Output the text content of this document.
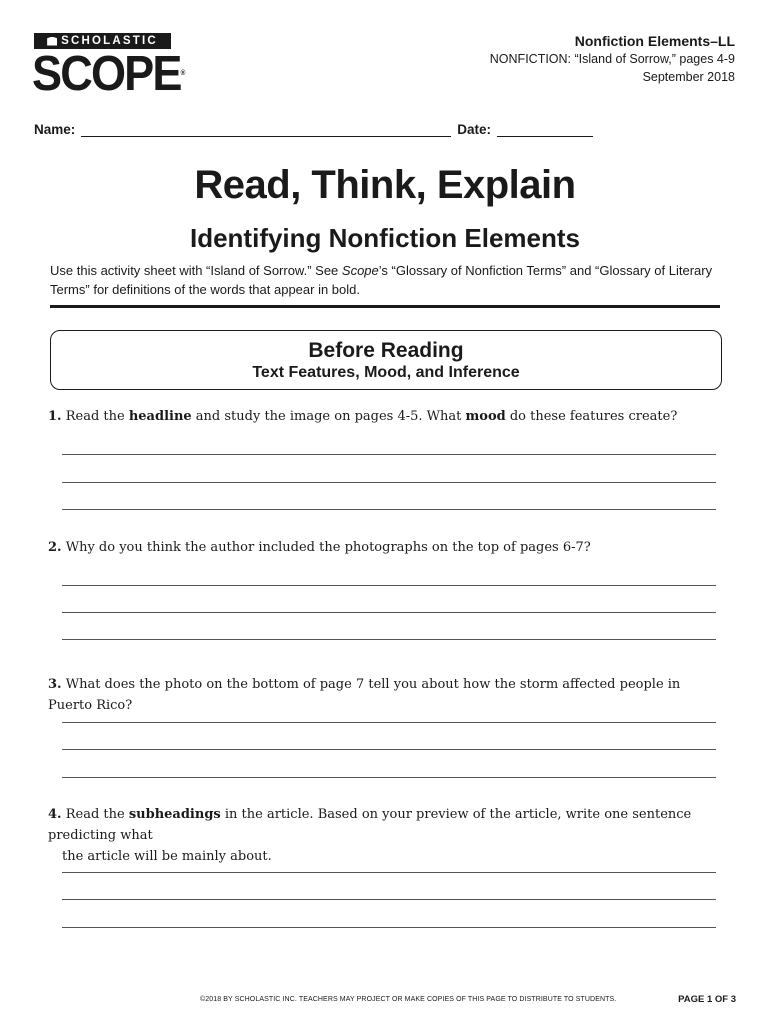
SCHOLASTIC
SCOPE®
Nonfiction Elements–LL
NONFICTION: “Island of Sorrow,” pages 4-9
September 2018
Name:	Date:
Read, Think, Explain
Identifying Nonfiction Elements
Use this activity sheet with “Island of Sorrow.” See Scope’s “Glossary of Nonfiction Terms” and “Glossary of Literary Terms” for definitions of the words that appear in bold.
Before Reading
Text Features, Mood, and Inference
1. Read the headline and study the image on pages 4-5. What mood do these features create?
2. Why do you think the author included the photographs on the top of pages 6-7?
3. What does the photo on the bottom of page 7 tell you about how the storm affected people in Puerto Rico?
4. Read the subheadings in the article. Based on your preview of the article, write one sentence predicting what
the article will be mainly about.
©2018 BY SCHOLASTIC INC. TEACHERS MAY PROJECT OR MAKE COPIES OF THIS PAGE TO DISTRIBUTE TO STUDENTS.	PAGE 1 OF 3
